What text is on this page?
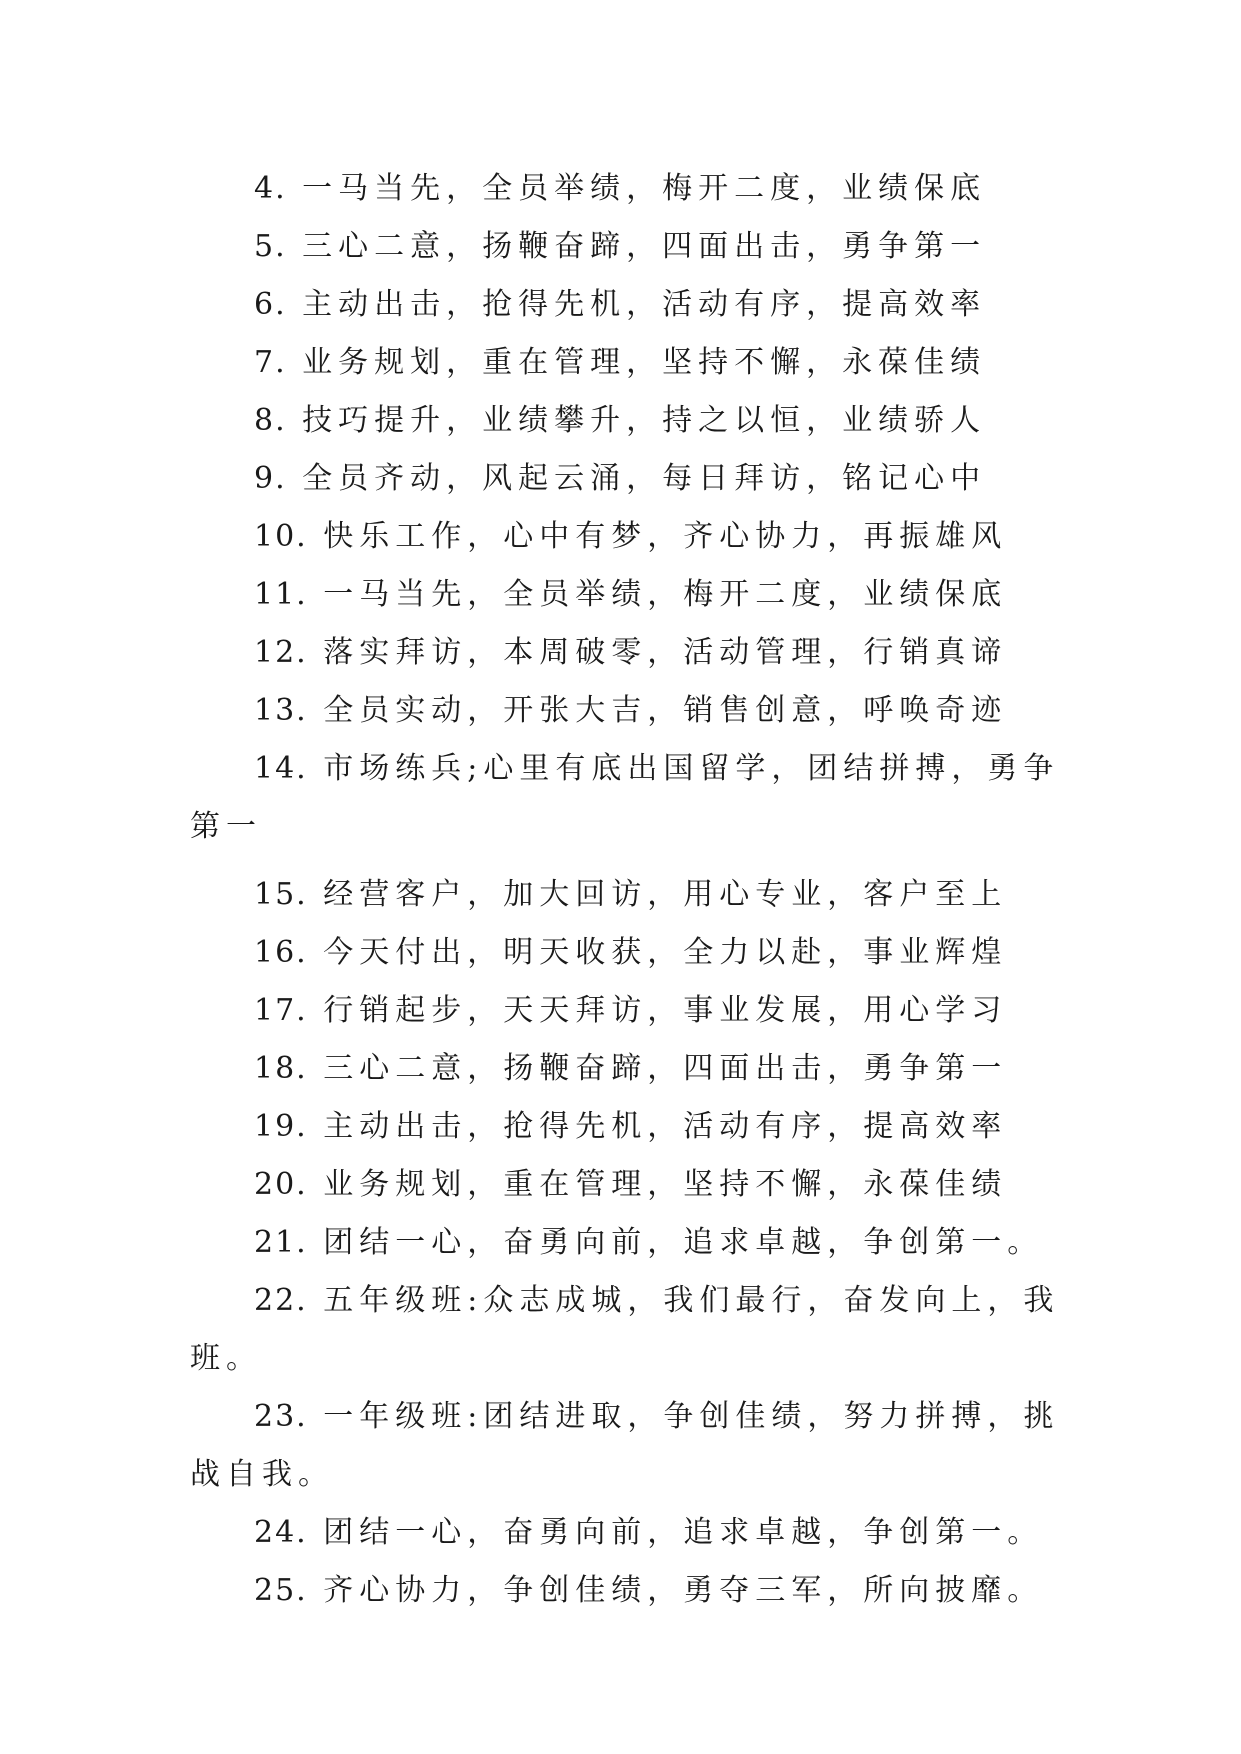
4. 一马当先，全员举绩，梅开二度，业绩保底

5. 三心二意，扬鞭奋蹄，四面出击，勇争第一

6. 主动出击，抢得先机，活动有序，提高效率

7. 业务规划，重在管理，坚持不懈，永葆佳绩

8. 技巧提升，业绩攀升，持之以恒，业绩骄人

9. 全员齐动，风起云涌，每日拜访，铭记心中

10. 快乐工作，心中有梦，齐心协力，再振雄风

11. 一马当先，全员举绩，梅开二度，业绩保底

12. 落实拜访，本周破零，活动管理，行销真谛

13. 全员实动，开张大吉，销售创意，呼唤奇迹

14. 市场练兵;心里有底出国留学，团结拼搏，勇争第一

15. 经营客户，加大回访，用心专业，客户至上

16. 今天付出，明天收获，全力以赴，事业辉煌

17. 行销起步，天天拜访，事业发展，用心学习

18. 三心二意，扬鞭奋蹄，四面出击，勇争第一

19. 主动出击，抢得先机，活动有序，提高效率

20. 业务规划，重在管理，坚持不懈，永葆佳绩

21. 团结一心，奋勇向前，追求卓越，争创第一。

22. 五年级班:众志成城，我们最行，奋发向上，我班。

23. 一年级班:团结进取，争创佳绩，努力拼搏，挑战自我。

24. 团结一心，奋勇向前，追求卓越，争创第一。

25. 齐心协力，争创佳绩，勇夺三军，所向披靡。
